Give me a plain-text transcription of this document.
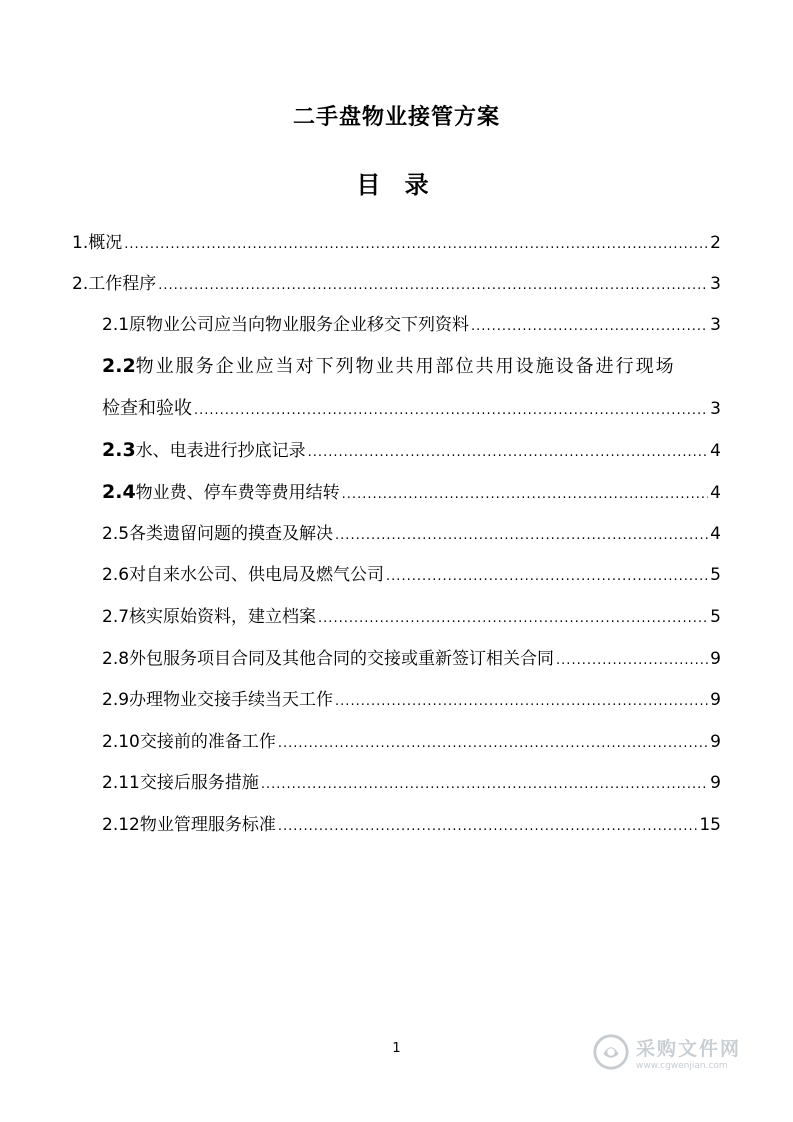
二手盘物业接管方案
目 录
1. 概况 .....	2
2. 工作程序 .....	3
2.1 原物业公司应当向物业服务企业移交下列资料 .....	3
2.2 物业服务企业应当对下列物业共用部位共用设施设备进行现场
检查和验收 .....	3
2.3 水、电表进行抄底记录 .....	4
2.4 物业费、停车费等费用结转 .....	4
2.5 各类遗留问题的摸查及解决 .....	4
2.6 对自来水公司、供电局及燃气公司 .....	5
2.7 核实原始资料，建立档案 .....	5
2.8 外包服务项目合同及其他合同的交接或重新签订相关合同 .....	9
2.9 办理物业交接手续当天工作 .....	9
2.10 交接前的准备工作 .....	9
2.11 交接后服务措施 .....	9
2.12 物业管理服务标准 .....	15
1	采购文件网
www.cgwenjian.com
